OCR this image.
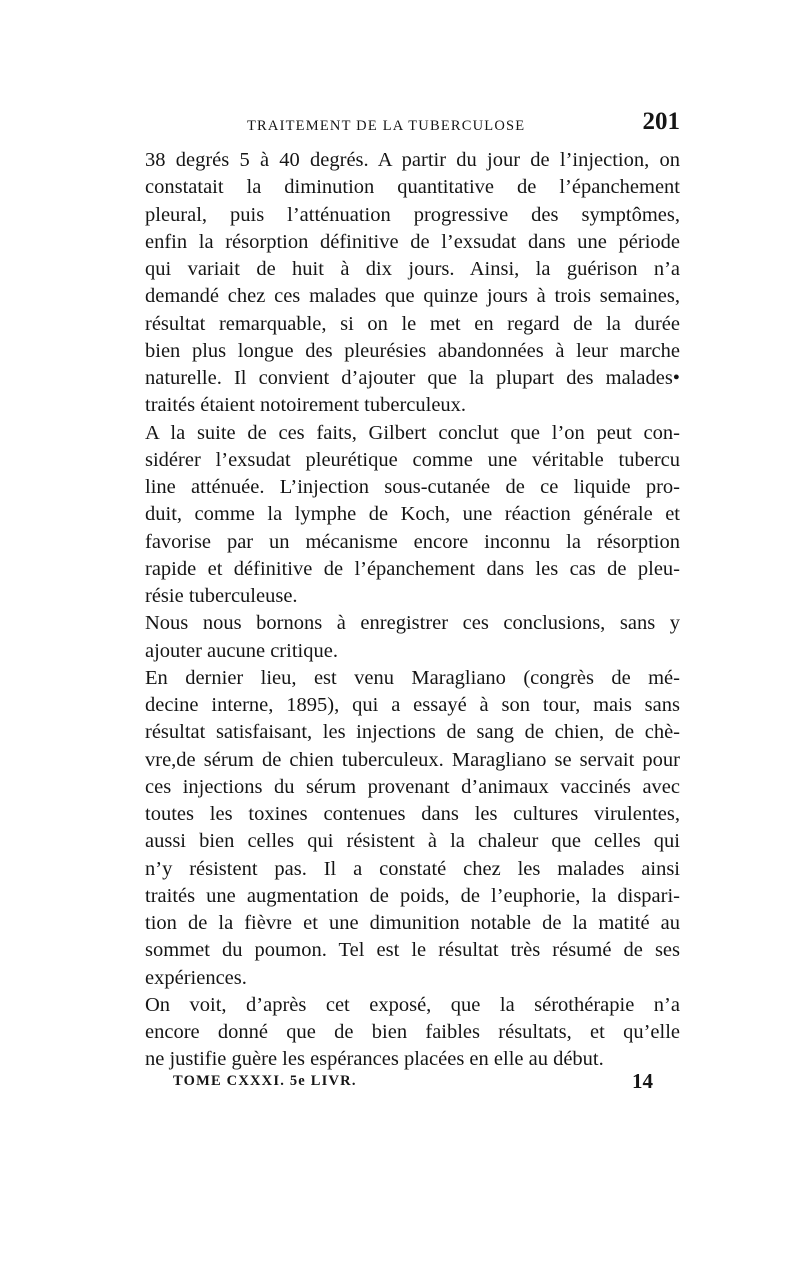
TRAITEMENT DE LA TUBERCULOSE	201
38 degrés 5 à 40 degrés. A partir du jour de l’injection, on
constatait la diminution quantitative de l’épanchement
pleural, puis l’atténuation progressive des symptômes,
enfin la résorption définitive de l’exsudat dans une période
qui variait de huit à dix jours. Ainsi, la guérison n’a
demandé chez ces malades que quinze jours à trois semaines,
résultat remarquable, si on le met en regard de la durée
bien plus longue des pleurésies abandonnées à leur marche
naturelle. Il convient d’ajouter que la plupart des malades•
traités étaient notoirement tuberculeux.
A la suite de ces faits, Gilbert conclut que l’on peut con-
sidérer l’exsudat pleurétique comme une véritable tubercu
line atténuée. L’injection sous-cutanée de ce liquide pro-
duit, comme la lymphe de Koch, une réaction générale et
favorise par un mécanisme encore inconnu la résorption
rapide et définitive de l’épanchement dans les cas de pleu-
résie tuberculeuse.
Nous nous bornons à enregistrer ces conclusions, sans y
ajouter aucune critique.
En dernier lieu, est venu Maragliano (congrès de mé-
decine interne, 1895), qui a essayé à son tour, mais sans
résultat satisfaisant, les injections de sang de chien, de chè-
vre,de sérum de chien tuberculeux. Maragliano se servait pour
ces injections du sérum provenant d’animaux vaccinés avec
toutes les toxines contenues dans les cultures virulentes,
aussi bien celles qui résistent à la chaleur que celles qui
n’y résistent pas. Il a constaté chez les malades ainsi
traités une augmentation de poids, de l’euphorie, la dispari-
tion de la fièvre et une dimunition notable de la matité au
sommet du poumon. Tel est le résultat très résumé de ses
expériences.
On voit, d’après cet exposé, que la sérothérapie n’a
encore donné que de bien faibles résultats, et qu’elle
ne justifie guère les espérances placées en elle au début.
TOME CXXXI. 5e LIVR.	14
